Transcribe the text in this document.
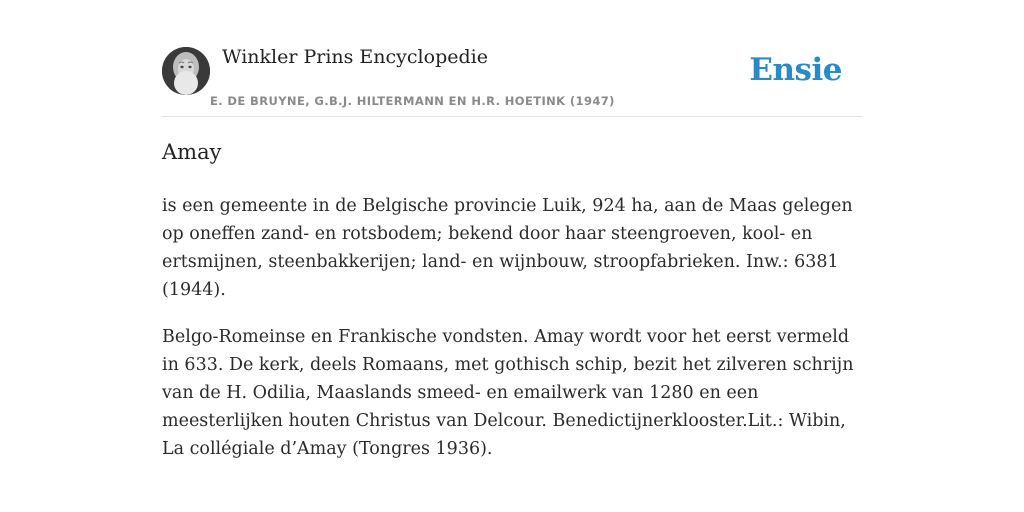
Winkler Prins Encyclopedie
E. DE BRUYNE, G.B.J. HILTERMANN EN H.R. HOETINK (1947)
Ensie
Amay

is een gemeente in de Belgische provincie Luik, 924 ha, aan de Maas gelegen op oneffen zand- en rotsbodem; bekend door haar steengroeven, kool- en ertsmijnen, steenbakkerijen; land- en wijnbouw, stroopfabrieken. Inw.: 6381 (1944).

Belgo-Romeinse en Frankische vondsten. Amay wordt voor het eerst vermeld in 633. De kerk, deels Romaans, met gothisch schip, bezit het zilveren schrijn van de H. Odilia, Maaslands smeed- en emailwerk van 1280 en een meesterlijken houten Christus van Delcour. Benedictijnerklooster.Lit.: Wibin, La collégiale d’Amay (Tongres 1936).
